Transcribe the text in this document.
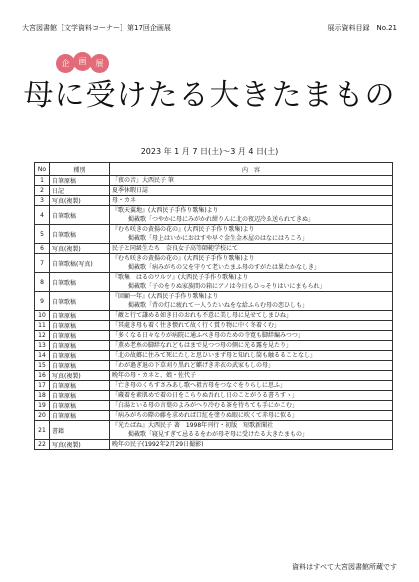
大宮図書館［文学資料コーナー］第17回企画展	展示資料目録　No.21
企	画	展
母に受けたる大きたまもの
2023 年 1 月 7 日(土)～3 月 4 日(土)
No	種別	内　容
1	自筆原稿	「夜の音」大西民子 筆

2	日記	夏季休暇日誌

3	写真(複製)	母・カネ

4	自筆歌稿	『歌天翼地』(大西民子手作り歌集)より
掲載歌「つやかに母にみがかれ紺りんに北の夜辺冷ゑ送られてきぬ」

5	自筆歌稿	『むち咲きの黄揚の花の』(大西民子手作り歌集)より
掲載歌「母上はいかにおはすや早ぐ金生金木屋のはなにはろころ」

6	写真(複製)	民子と同級生たち　奈良女子高等師範学校にて

7	自筆歌稿(写真)	『むち咲きの黄揚の花の』(大西民子手作り歌集)より
掲載歌「病みがちの父を守りて老いたまふ母のすがたは果たかなしき」

8	自筆歌稿	『歌集　はるのワルツ』(大西民子手作り歌集)より
掲載歌「子のをりぬ家族間の箱にアノは今日もひっそりはいにまもられ」

9	自筆歌稿	『回顧一年』(大西民子手作り歌集)より
掲載歌「背の灯に疲れて一人うたいねをな給ふらむ母の恋ひしも」

10	自筆原稿	「敵と行て謙める如き日のおれも不意に美し母に見せてしまひね」

11	自筆原稿	「其處き母も着く往き懐れて故く行く賞り物に中く冬着くむ」

12	自筆原稿	「多くなる日々なりが病院に通ふべき母のための寺寛も脚絆編みつつ」

13	自筆原稿	「薫め老糸の脚絆なれどもはまで見つつ母の側に光る露を見たり」

14	自筆原稿	「北の故郷に住みて死にたしと思ひいまず母と知れし筒も触るることなし」

15	自筆原稿	「わが過ぎ退の下草刈り黒れど麒げき赤衣の武家もしの母」

16	写真(複製)	晩年の母・カネと、娘・佐代子

17	自筆原稿	「亡き母のくちすさみあし歌へ祖古母をつなぐをりらしに思ふ」

18	自筆原稿	「蔵着を素肌めで着の日をこらりぬ吾れし日のことがうる書ろすゝ」

19	自筆原稿	「白湯といる母の言葉のよみがへり冷むる茶を待ちても手にかこむ」

20	自筆原稿	「病みがちの際の藤を求めれば口紅を塗りぬ眼に吹くて赤母に似る」

21	書籍	『光たばね』大西民子 著　1998年刊行・初版　短歌新聞社
掲載歌「寝見すぎて忌るるをわが母ぞ母に受けたる大きたまもの」

22	写真(複製)	晩年の民子(1992年2月29日撮影)
資料はすべて大宮図書館所蔵です
